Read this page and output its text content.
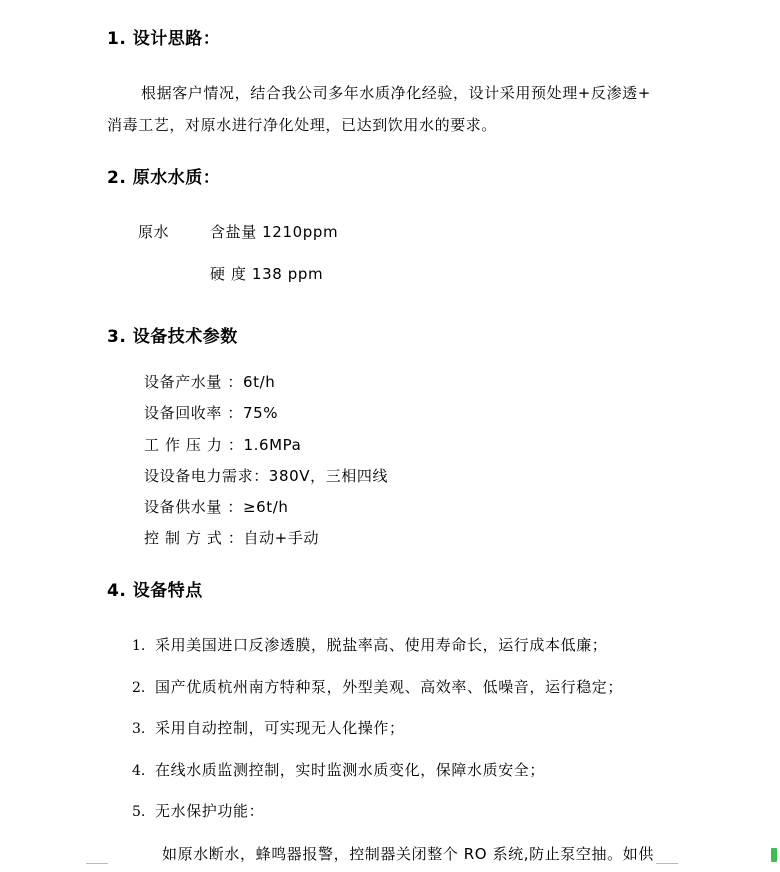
1. 设计思路：
根据客户情况，结合我公司多年水质净化经验，设计采用预处理+反渗透+
消毒工艺，对原水进行净化处理，已达到饮用水的要求。
2. 原水水质：
原水	含盐量 1210ppm
硬 度 138 ppm
3. 设备技术参数
设备产水量 ：6t/h
设备回收率 ：75%
工 作 压 力 ：1.6MPa
设设备电力需求：380V，三相四线
设备供水量 ：≥6t/h
控 制 方 式 ：自动+手动
4. 设备特点
1. 采用美国进口反渗透膜，脱盐率高、使用寿命长，运行成本低廉；
2. 国产优质杭州南方特种泵，外型美观、高效率、低噪音，运行稳定；
3. 采用自动控制，可实现无人化操作；
4. 在线水质监测控制，实时监测水质变化，保障水质安全；
5. 无水保护功能：
如原水断水，蜂鸣器报警，控制器关闭整个 RO 系统,防止泵空抽。如供
